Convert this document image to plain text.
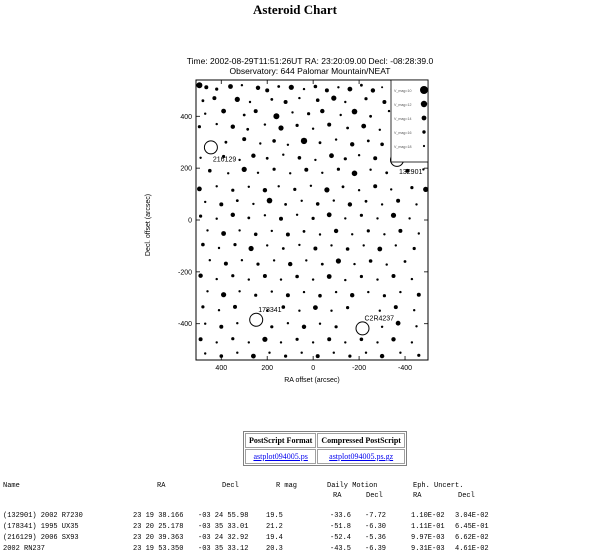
Asteroid Chart
Time: 2002-08-29T11:51:26UT RA: 23:20:09.00 Decl: -08:28:39.0
Observatory: 644 Palomar Mountain/NEAT
216129
132901
178341
C2R4237
400	200	0	-200	-400
400
200
0
-200
-400
RA offset (arcsec)
Decl. offset (arcsec)
V_mag=10
V_mag=12
V_mag=14
V_mag=16
V_mag=18
PostScript Format	Compressed PostScript
astplot094005.ps	astplot094005.ps.gz
Name	RA	Decl	R mag	Daily Motion	Eph. Uncert.
RA	Decl	RA	Decl
(132901) 2002 R7230	23 19 38.166 -03 24 55.98	19.5	-33.6 -7.72	1.10E-02 3.04E-02
(178341) 1995 UX35	23 20 25.178 -03 35 33.01	21.2	-51.8 -6.30	1.11E-01 6.45E-01
(216129) 2006 SX93	23 20 39.363 -03 24 32.92	19.4	-52.4 -5.36	9.97E-03 6.62E-02
2002 RN237	23 19 53.350 -03 35 33.12	20.3	-43.5 -6.39	9.31E-03 4.61E-02
